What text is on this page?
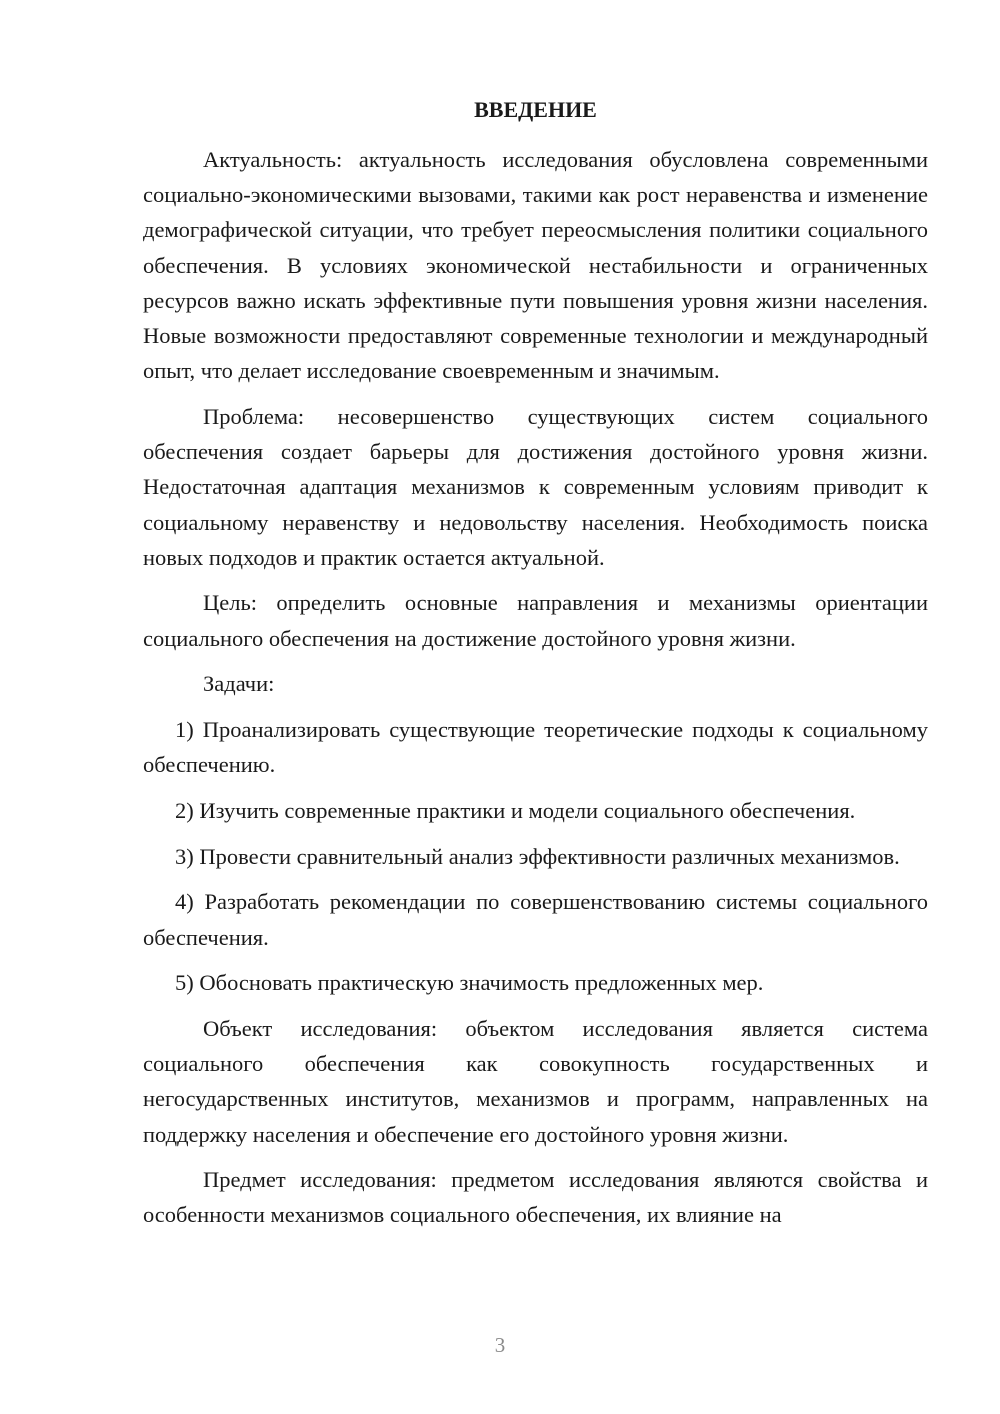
ВВЕДЕНИЕ

Актуальность: актуальность исследования обусловлена современными социально-экономическими вызовами, такими как рост неравенства и изменение демографической ситуации, что требует переосмысления политики социального обеспечения. В условиях экономической нестабильности и ограниченных ресурсов важно искать эффективные пути повышения уровня жизни населения. Новые возможности предоставляют современные технологии и международный опыт, что делает исследование своевременным и значимым.

Проблема: несовершенство существующих систем социального обеспечения создает барьеры для достижения достойного уровня жизни. Недостаточная адаптация механизмов к современным условиям приводит к социальному неравенству и недовольству населения. Необходимость поиска новых подходов и практик остается актуальной.

Цель: определить основные направления и механизмы ориентации социального обеспечения на достижение достойного уровня жизни.

Задачи:

1) Проанализировать существующие теоретические подходы к социальному обеспечению.

2) Изучить современные практики и модели социального обеспечения.

3) Провести сравнительный анализ эффективности различных механизмов.

4) Разработать рекомендации по совершенствованию системы социального обеспечения.

5) Обосновать практическую значимость предложенных мер.

Объект исследования: объектом исследования является система социального обеспечения как совокупность государственных и негосударственных институтов, механизмов и программ, направленных на поддержку населения и обеспечение его достойного уровня жизни.

Предмет исследования: предметом исследования являются свойства и особенности механизмов социального обеспечения, их влияние на

3
